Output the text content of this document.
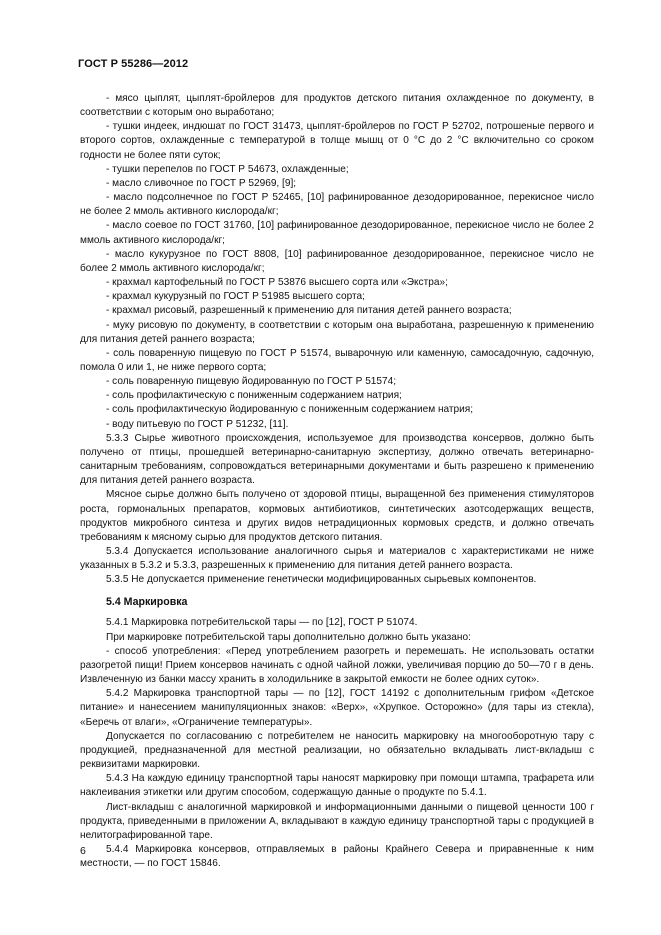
ГОСТ Р 55286—2012

- мясо цыплят, цыплят-бройлеров для продуктов детского питания охлажденное по документу, в соответствии с которым оно выработано;

- тушки индеек, индюшат по ГОСТ 31473, цыплят-бройлеров по ГОСТ Р 52702, потрошеные первого и второго сортов, охлажденные с температурой в толще мышц от 0 °С до 2 °С включительно со сроком годности не более пяти суток;

- тушки перепелов по ГОСТ Р 54673, охлажденные;

- масло сливочное по ГОСТ Р 52969, [9];

- масло подсолнечное по ГОСТ Р 52465, [10] рафинированное дезодорированное, перекисное число не более 2 ммоль активного кислорода/кг;

- масло соевое по ГОСТ 31760, [10] рафинированное дезодорированное, перекисное число не более 2 ммоль активного кислорода/кг;

- масло кукурузное по ГОСТ 8808, [10] рафинированное дезодорированное, перекисное число не более 2 ммоль активного кислорода/кг;

- крахмал картофельный по ГОСТ Р 53876 высшего сорта или «Экстра»;

- крахмал кукурузный по ГОСТ Р 51985 высшего сорта;

- крахмал рисовый, разрешенный к применению для питания детей раннего возраста;

- муку рисовую по документу, в соответствии с которым она выработана, разрешенную к применению для питания детей раннего возраста;

- соль поваренную пищевую по ГОСТ Р 51574, выварочную или каменную, самосадочную, садочную, помола 0 или 1, не ниже первого сорта;

- соль поваренную пищевую йодированную по ГОСТ Р 51574;

- соль профилактическую с пониженным содержанием натрия;

- соль профилактическую йодированную с пониженным содержанием натрия;

- воду питьевую по ГОСТ Р 51232, [11].

5.3.3 Сырье животного происхождения, используемое для производства консервов, должно быть получено от птицы, прошедшей ветеринарно-санитарную экспертизу, должно отвечать ветеринарно-санитарным требованиям, сопровождаться ветеринарными документами и быть разрешено к применению для питания детей раннего возраста.

Мясное сырье должно быть получено от здоровой птицы, выращенной без применения стимуляторов роста, гормональных препаратов, кормовых антибиотиков, синтетических азотсодержащих веществ, продуктов микробного синтеза и других видов нетрадиционных кормовых средств, и должно отвечать требованиям к мясному сырью для продуктов детского питания.

5.3.4 Допускается использование аналогичного сырья и материалов с характеристиками не ниже указанных в 5.3.2 и 5.3.3, разрешенных к применению для питания детей раннего возраста.

5.3.5 Не допускается применение генетически модифицированных сырьевых компонентов.

5.4 Маркировка

5.4.1 Маркировка потребительской тары — по [12], ГОСТ Р 51074.

При маркировке потребительской тары дополнительно должно быть указано:

- способ употребления: «Перед употреблением разогреть и перемешать. Не использовать остатки разогретой пищи! Прием консервов начинать с одной чайной ложки, увеличивая порцию до 50—70 г в день. Извлеченную из банки массу хранить в холодильнике в закрытой емкости не более одних суток».

5.4.2 Маркировка транспортной тары — по [12], ГОСТ 14192 с дополнительным грифом «Детское питание» и нанесением манипуляционных знаков: «Верх», «Хрупкое. Осторожно» (для тары из стекла), «Беречь от влаги», «Ограничение температуры».

Допускается по согласованию с потребителем не наносить маркировку на многооборотную тару с продукцией, предназначенной для местной реализации, но обязательно вкладывать лист-вкладыш с реквизитами маркировки.

5.4.3 На каждую единицу транспортной тары наносят маркировку при помощи штампа, трафарета или наклеивания этикетки или другим способом, содержащую данные о продукте по 5.4.1.

Лист-вкладыш с аналогичной маркировкой и информационными данными о пищевой ценности 100 г продукта, приведенными в приложении А, вкладывают в каждую единицу транспортной тары с продукцией в нелитографированной таре.

5.4.4 Маркировка консервов, отправляемых в районы Крайнего Севера и приравненные к ним местности, — по ГОСТ 15846.

6
